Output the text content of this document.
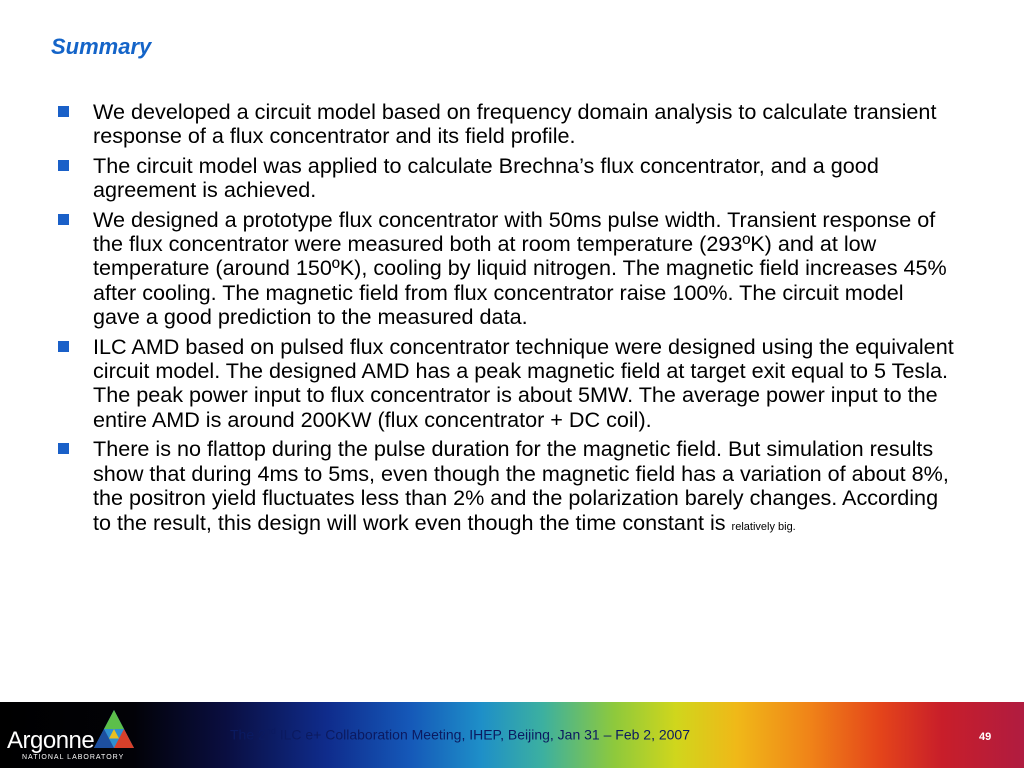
Summary
We developed a circuit model based on frequency domain analysis to calculate transient response of a flux concentrator and its field profile.
The circuit model was applied to calculate Brechna’s flux concentrator, and a good agreement is achieved.
We designed a prototype flux concentrator with 50ms pulse width. Transient response of the flux concentrator were measured both at room temperature (293ºK) and at low temperature (around 150ºK), cooling by liquid nitrogen. The magnetic field increases 45% after cooling. The magnetic field from flux concentrator raise 100%. The circuit model gave a good prediction to the measured data.
ILC AMD based on pulsed flux concentrator technique were designed using the equivalent circuit model. The designed AMD has a peak magnetic field at target exit equal to 5 Tesla. The peak power input to flux concentrator is about 5MW. The average power input to the entire AMD is around 200KW (flux concentrator + DC coil).
There is no flattop during the pulse duration for the magnetic field. But simulation results show that during 4ms to 5ms, even though the magnetic field has a variation of about 8%, the positron yield fluctuates less than 2% and the polarization barely changes. According to the result, this design will work even though the time constant is relatively big.
Argonne
NATIONAL LABORATORY
The 2nd ILC e+ Collaboration Meeting, IHEP, Beijing, Jan 31 – Feb 2, 2007	49
